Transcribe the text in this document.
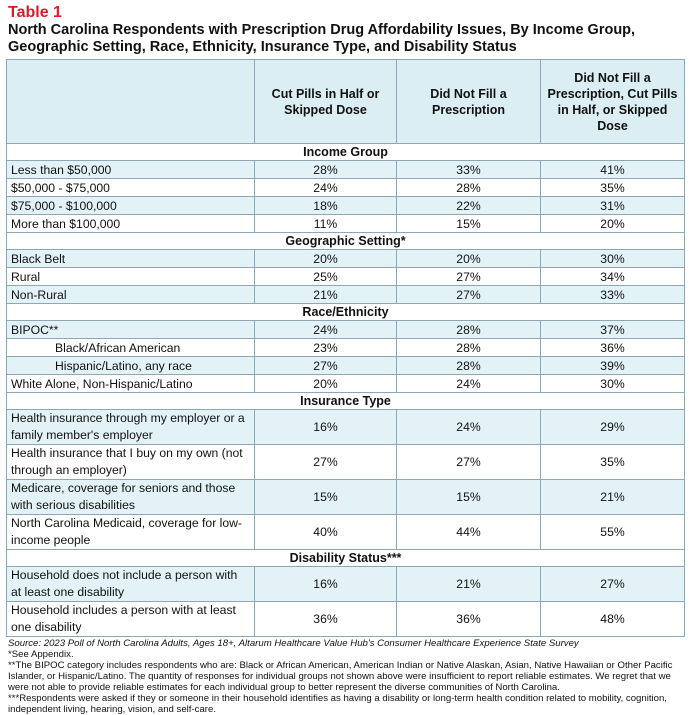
Table 1
North Carolina Respondents with Prescription Drug Affordability Issues, By Income Group, Geographic Setting, Race, Ethnicity, Insurance Type, and Disability Status
	Cut Pills in Half or Skipped Dose	Did Not Fill a Prescription	Did Not Fill a Prescription, Cut Pills in Half, or Skipped Dose
Income Group			
Less than $50,000	28%	33%	41%
$50,000 - $75,000	24%	28%	35%
$75,000 - $100,000	18%	22%	31%
More than $100,000	11%	15%	20%
Geographic Setting*			
Black Belt	20%	20%	30%
Rural	25%	27%	34%
Non-Rural	21%	27%	33%
Race/Ethnicity			
BIPOC**	24%	28%	37%
Black/African American	23%	28%	36%
Hispanic/Latino, any race	27%	28%	39%
White Alone, Non-Hispanic/Latino	20%	24%	30%
Insurance Type			
Health insurance through my employer or a family member's employer	16%	24%	29%
Health insurance that I buy on my own (not through an employer)	27%	27%	35%
Medicare, coverage for seniors and those with serious disabilities	15%	15%	21%
North Carolina Medicaid, coverage for low-income people	40%	44%	55%
Disability Status***			
Household does not include a person with at least one disability	16%	21%	27%
Household includes a person with at least one disability	36%	36%	48%
Source: 2023 Poll of North Carolina Adults, Ages 18+, Altarum Healthcare Value Hub's Consumer Healthcare Experience State Survey
*See Appendix.
**The BIPOC category includes respondents who are: Black or African American, American Indian or Native Alaskan, Asian, Native Hawaiian or Other Pacific Islander, or Hispanic/Latino. The quantity of responses for individual groups not shown above were insufficient to report reliable estimates. We regret that we were not able to provide reliable estimates for each individual group to better represent the diverse communities of North Carolina.
***Respondents were asked if they or someone in their household identifies as having a disability or long-term health condition related to mobility, cognition, independent living, hearing, vision, and self-care.
